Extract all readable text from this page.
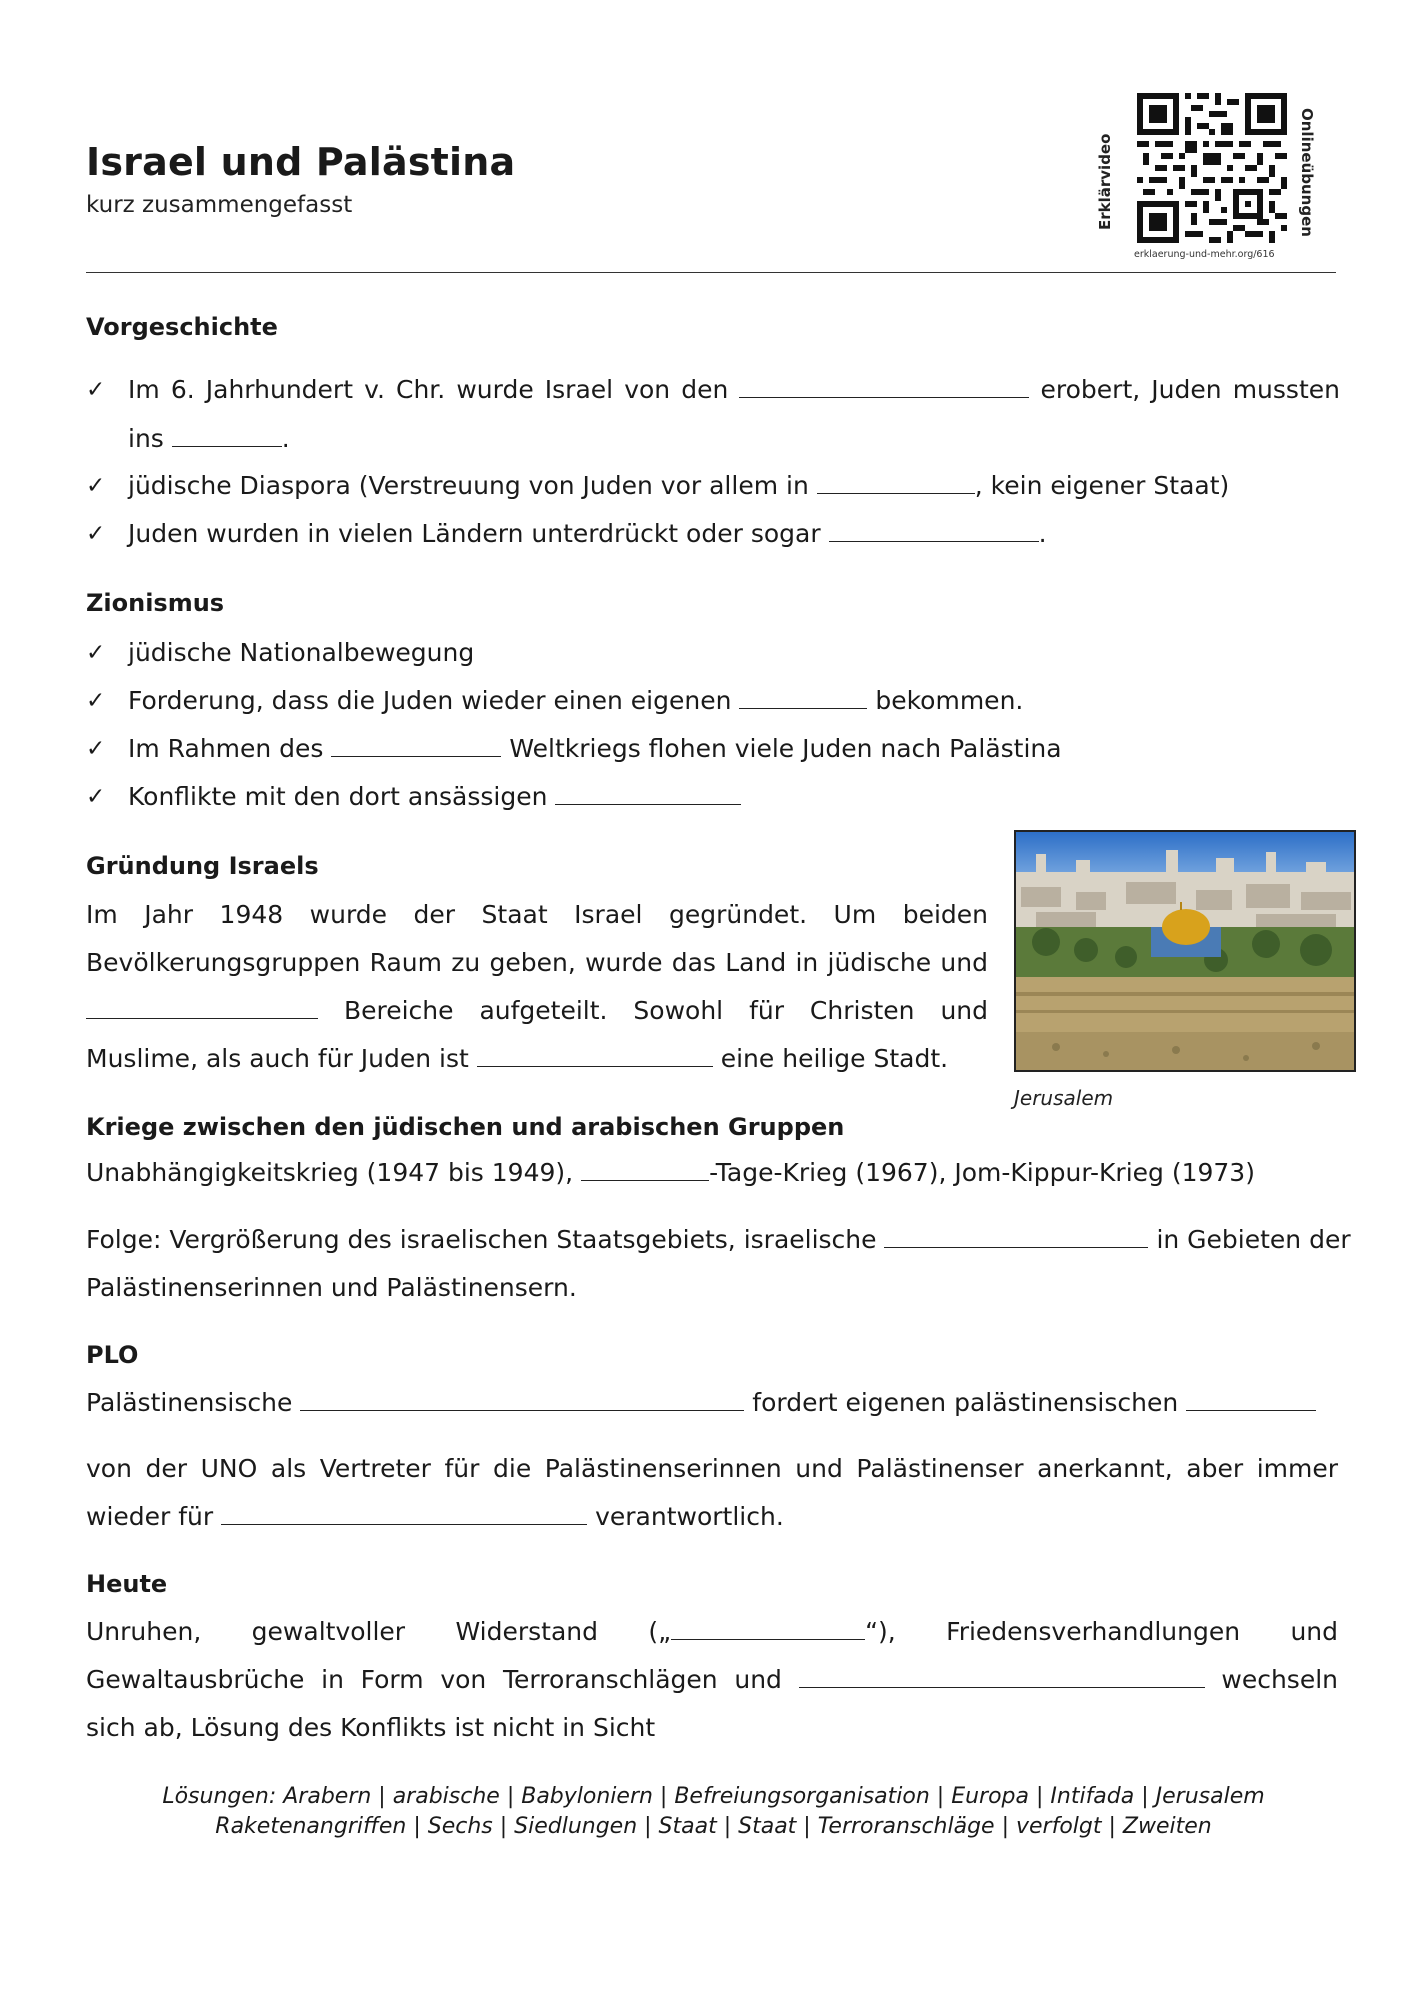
Israel und Palästina
kurz zusammengefasst	Erklärvideo
erklaerung-und-mehr.org/616
Onlineübungen
Vorgeschichte
✓ Im 6. Jahrhundert v. Chr. wurde Israel von den	erobert, Juden mussten
ins	.
✓ jüdische Diaspora (Verstreuung von Juden vor allem in	, kein eigener Staat)
✓ Juden wurden in vielen Ländern unterdrückt oder sogar	.
Zionismus
✓ jüdische Nationalbewegung
✓ Forderung, dass die Juden wieder einen eigenen	bekommen.
✓ Im Rahmen des	Weltkriegs flohen viele Juden nach Palästina
✓ Konflikte mit den dort ansässigen
Gründung Israels
Im Jahr 1948 wurde der Staat Israel gegründet. Um beiden
Bevölkerungsgruppen Raum zu geben, wurde das Land in jüdische und
Bereiche aufgeteilt. Sowohl für Christen und
Muslime, als auch für Juden ist	eine heilige Stadt.
Jerusalem
Kriege zwischen den jüdischen und arabischen Gruppen
Unabhängigkeitskrieg (1947 bis 1949),	-Tage-Krieg (1967), Jom-Kippur-Krieg (1973)
Folge: Vergrößerung des israelischen Staatsgebiets, israelische	in Gebieten der
Palästinenserinnen und Palästinensern.
PLO
Palästinensische	fordert eigenen palästinensischen
von der UNO als Vertreter für die Palästinenserinnen und Palästinenser anerkannt, aber immer
wieder für	verantwortlich.
Heute
Unruhen, gewaltvoller Widerstand („	“), Friedensverhandlungen und
Gewaltausbrüche in Form von Terroranschlägen und	wechseln
sich ab, Lösung des Konflikts ist nicht in Sicht
Lösungen: Arabern | arabische | Babyloniern | Befreiungsorganisation | Europa | Intifada | Jerusalem
Raketenangriffen | Sechs | Siedlungen | Staat | Staat | Terroranschläge | verfolgt | Zweiten
